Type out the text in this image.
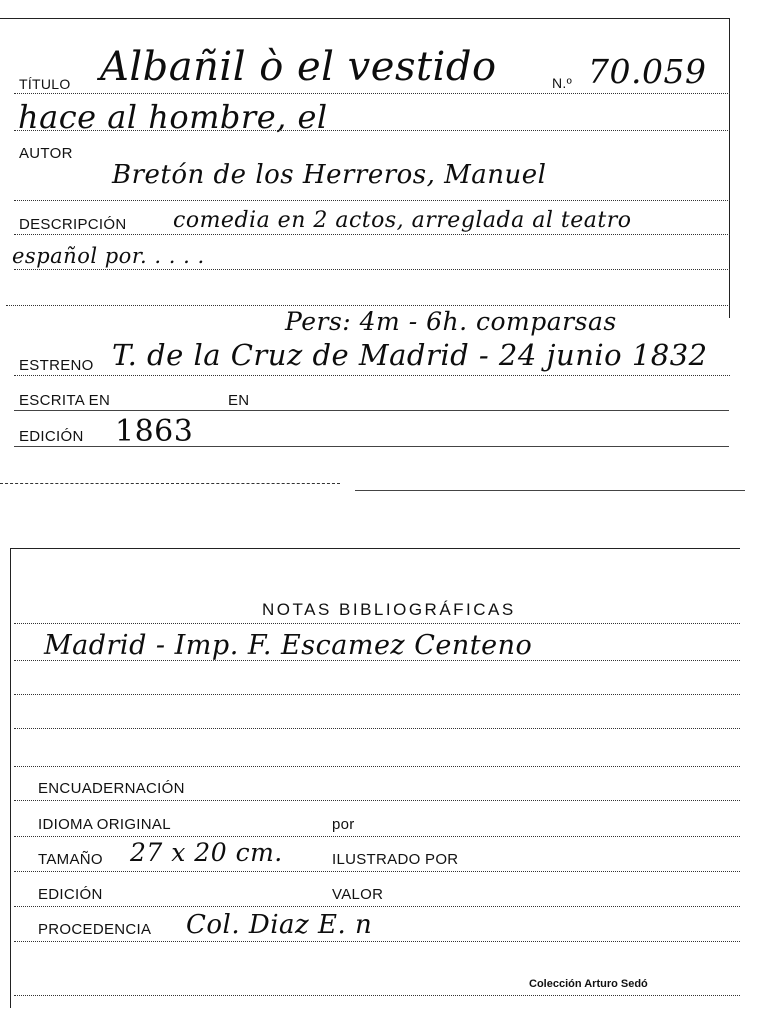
TÍTULO Albañil ò el vestido	N.º 70.059
hace al hombre, el
AUTOR
Bretón de los Herreros, Manuel
DESCRIPCIÓN comedia en 2 actos, arreglada al teatro
español por. . . . .
Pers: 4m - 6h. comparsas
ESTRENO T. de la Cruz de Madrid - 24 junio 1832
ESCRITA EN	EN
EDICIÓN 1863
NOTAS BIBLIOGRÁFICAS
Madrid - Imp. F. Escamez Centeno
ENCUADERNACIÓN
IDIOMA ORIGINAL	por
TAMAÑO 27 x 20 cm.	ILUSTRADO POR
EDICIÓN	VALOR
PROCEDENCIA Col. Diaz E. n
Colección Arturo Sedó
